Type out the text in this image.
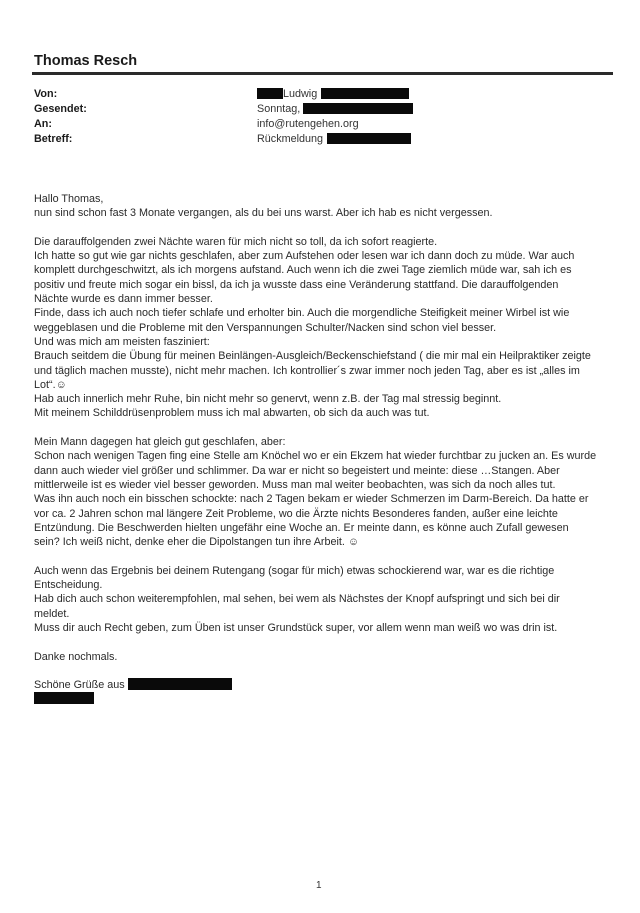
Thomas Resch
Von:	Ludwig
Gesendet:	Sonntag,
An:	info@rutengehen.org
Betreff:	Rückmeldung
Hallo Thomas,
nun sind schon fast 3 Monate vergangen, als du bei uns warst. Aber ich hab es nicht vergessen.
Die darauffolgenden zwei Nächte waren für mich nicht so toll, da ich sofort reagierte.
Ich hatte so gut wie gar nichts geschlafen, aber zum Aufstehen oder lesen war ich dann doch zu müde. War auch
komplett durchgeschwitzt, als ich morgens aufstand. Auch wenn ich die zwei Tage ziemlich müde war, sah ich es
positiv und freute mich sogar ein bissl, da ich ja wusste dass eine Veränderung stattfand. Die darauffolgenden
Nächte wurde es dann immer besser.
Finde, dass ich auch noch tiefer schlafe und erholter bin. Auch die morgendliche Steifigkeit meiner Wirbel ist wie
weggeblasen und die Probleme mit den Verspannungen Schulter/Nacken sind schon viel besser.
Und was mich am meisten fasziniert:
Brauch seitdem die Übung für meinen Beinlängen-Ausgleich/Beckenschiefstand ( die mir mal ein Heilpraktiker zeigte
und täglich machen musste), nicht mehr machen. Ich kontrollier´s zwar immer noch jeden Tag, aber es ist „alles im
Lot“.☺
Hab auch innerlich mehr Ruhe, bin nicht mehr so genervt, wenn z.B. der Tag mal stressig beginnt.
Mit meinem Schilddrüsenproblem muss ich mal abwarten, ob sich da auch was tut.
Mein Mann dagegen hat gleich gut geschlafen, aber:
Schon nach wenigen Tagen fing eine Stelle am Knöchel wo er ein Ekzem hat wieder furchtbar zu jucken an. Es wurde
dann auch wieder viel größer und schlimmer. Da war er nicht so begeistert und meinte: diese …Stangen. Aber
mittlerweile ist es wieder viel besser geworden. Muss man mal weiter beobachten, was sich da noch alles tut.
Was ihn auch noch ein bisschen schockte: nach 2 Tagen bekam er wieder Schmerzen im Darm-Bereich. Da hatte er
vor ca. 2 Jahren schon mal längere Zeit Probleme, wo die Ärzte nichts Besonderes fanden, außer eine leichte
Entzündung. Die Beschwerden hielten ungefähr eine Woche an. Er meinte dann, es könne auch Zufall gewesen
sein? Ich weiß nicht, denke eher die Dipolstangen tun ihre Arbeit. ☺
Auch wenn das Ergebnis bei deinem Rutengang (sogar für mich) etwas schockierend war, war es die richtige
Entscheidung.
Hab dich auch schon weiterempfohlen, mal sehen, bei wem als Nächstes der Knopf aufspringt und sich bei dir
meldet.
Muss dir auch Recht geben, zum Üben ist unser Grundstück super, vor allem wenn man weiß wo was drin ist.
Danke nochmals.
Schöne Grüße aus
1
